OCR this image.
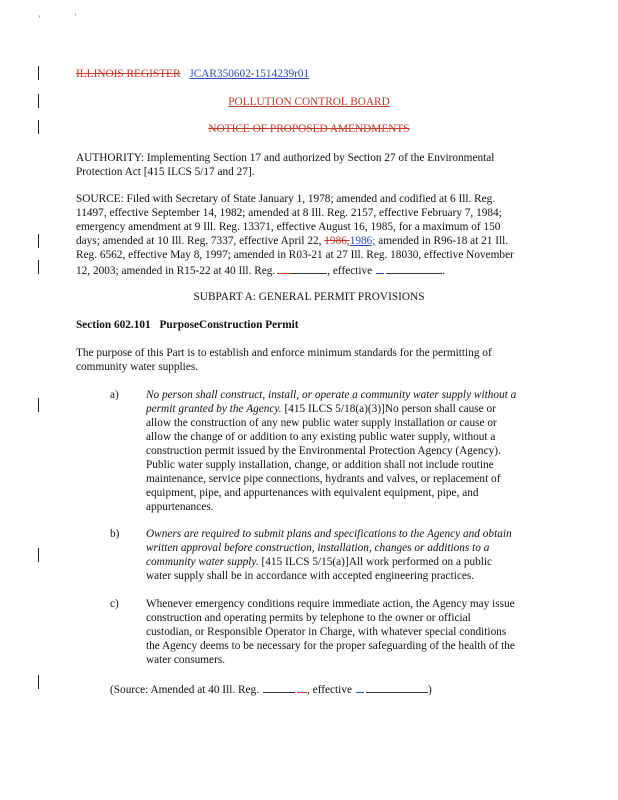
ʼ	ʽ
ILLINOIS REGISTER JCAR350602-1514239r01
POLLUTION CONTROL BOARD
NOTICE OF PROPOSED AMENDMENTS
AUTHORITY: Implementing Section 17 and authorized by Section 27 of the Environmental
Protection Act [415 ILCS 5/17 and 27].
SOURCE: Filed with Secretary of State January 1, 1978; amended and codified at 6 Ill. Reg.
11497, effective September 14, 1982; amended at 8 Ill. Reg. 2157, effective February 7, 1984;
emergency amendment at 9 Ill. Reg. 13371, effective August 16, 1985, for a maximum of 150
days; amended at 10 Ill. Reg. 7337, effective April 22, 1986,1986; amended in R96-18 at 21 Ill.
Reg. 6562, effective May 8, 1997; amended in R03-21 at 27 Ill. Reg. 18030, effective November
12, 2003; amended in R15-22 at 40 Ill. Reg.	, effective	.
SUBPART A: GENERAL PERMIT PROVISIONS
Section 602.101 PurposeConstruction Permit
The purpose of this Part is to establish and enforce minimum standards for the permitting of
community water supplies.
a) No person shall construct, install, or operate a community water supply without a
permit granted by the Agency. [415 ILCS 5/18(a)(3)]No person shall cause or
allow the construction of any new public water supply installation or cause or
allow the change of or addition to any existing public water supply, without a
construction permit issued by the Environmental Protection Agency (Agency).
Public water supply installation, change, or addition shall not include routine
maintenance, service pipe connections, hydrants and valves, or replacement of
equipment, pipe, and appurtenances with equivalent equipment, pipe, and
appurtenances.
b) Owners are required to submit plans and specifications to the Agency and obtain
written approval before construction, installation, changes or additions to a
community water supply. [415 ILCS 5/15(a)]All work performed on a public
water supply shall be in accordance with accepted engineering practices.
c) Whenever emergency conditions require immediate action, the Agency may issue
construction and operating permits by telephone to the owner or official
custodian, or Responsible Operator in Charge, with whatever special conditions
the Agency deems to be necessary for the proper safeguarding of the health of the
water consumers.
(Source: Amended at 40 Ill. Reg.	, effective	)
